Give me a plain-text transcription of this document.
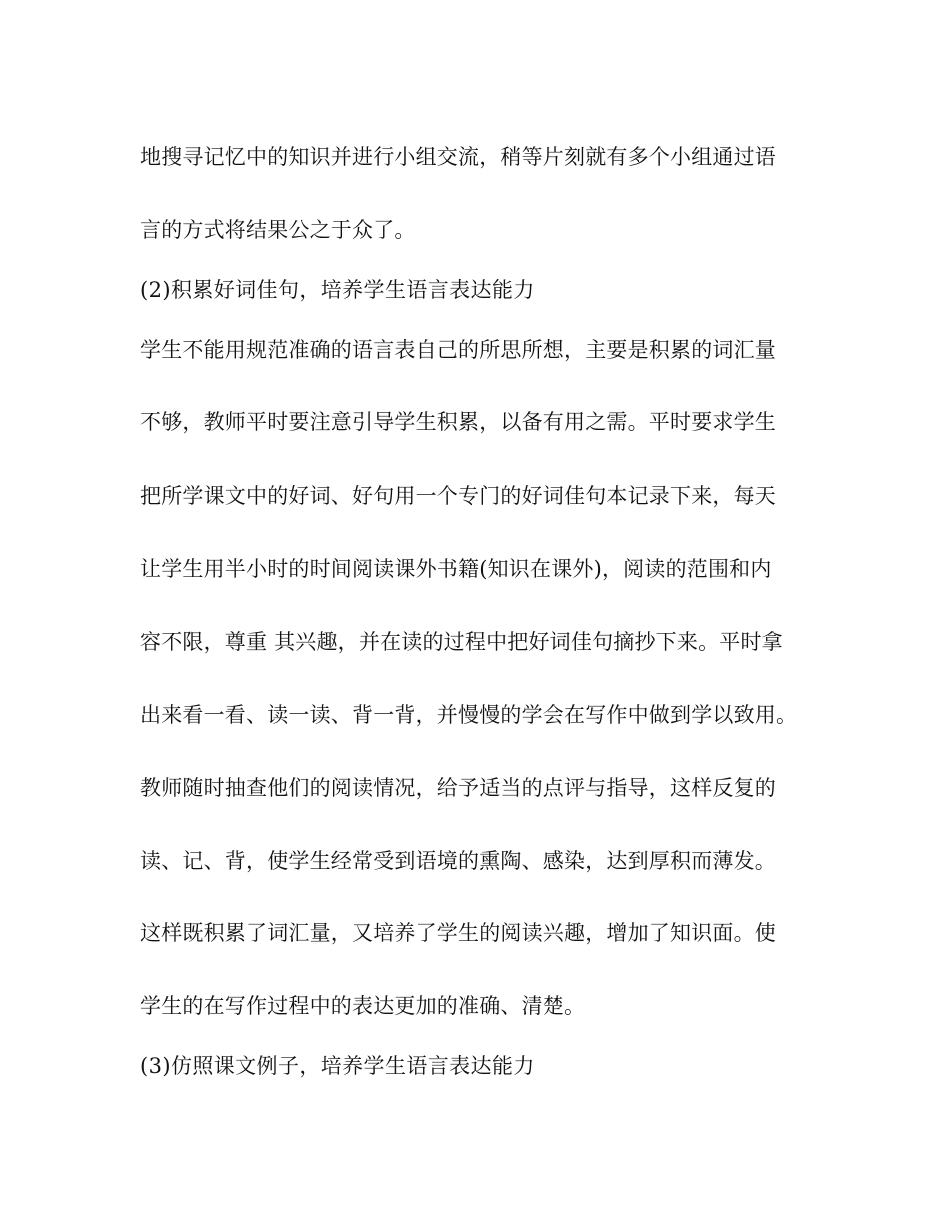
地搜寻记忆中的知识并进行小组交流，稍等片刻就有多个小组通过语
言的方式将结果公之于众了。
(2)积累好词佳句，培养学生语言表达能力
学生不能用规范准确的语言表自己的所思所想，主要是积累的词汇量
不够，教师平时要注意引导学生积累，以备有用之需。平时要求学生
把所学课文中的好词、好句用一个专门的好词佳句本记录下来，每天
让学生用半小时的时间阅读课外书籍(知识在课外)，阅读的范围和内
容不限，尊重 其兴趣，并在读的过程中把好词佳句摘抄下来。平时拿
出来看一看、读一读、背一背，并慢慢的学会在写作中做到学以致用。
教师随时抽查他们的阅读情况，给予适当的点评与指导，这样反复的
读、记、背，使学生经常受到语境的熏陶、感染，达到厚积而薄发。
这样既积累了词汇量，又培养了学生的阅读兴趣，增加了知识面。使
学生的在写作过程中的表达更加的准确、清楚。
(3)仿照课文例子，培养学生语言表达能力
